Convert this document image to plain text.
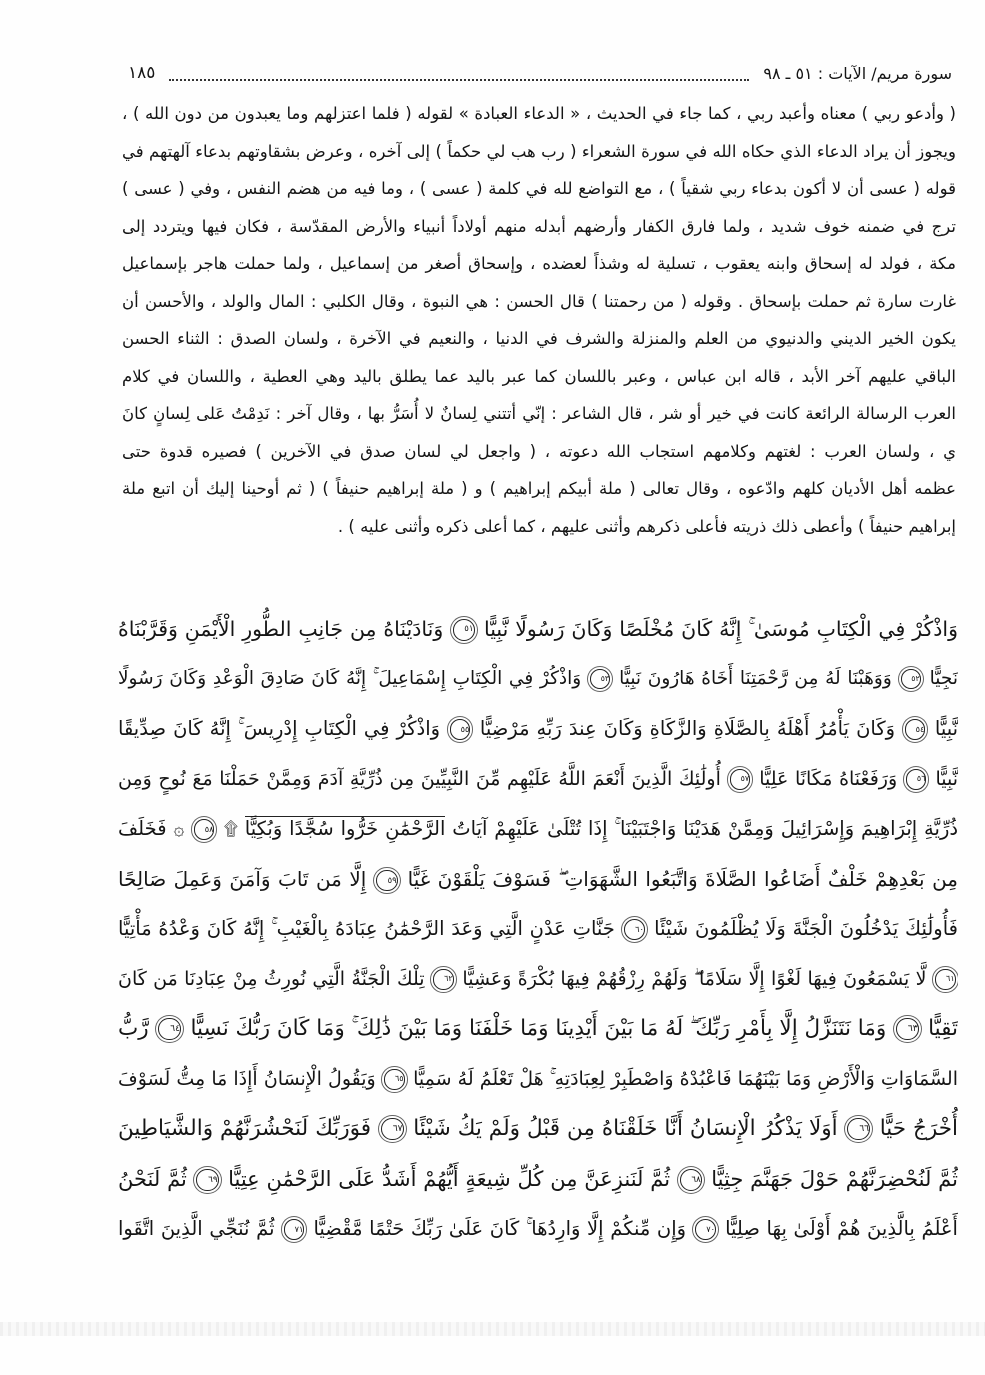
سورة مريم/ الآيات : ٥١ ـ ٩٨
١٨٥
( وأدعو ربي ) معناه وأعبد ربي ، كما جاء في الحديث ، « الدعاء العبادة » لقوله ( فلما اعتزلهم وما يعبدون من دون الله ) ،
ويجوز أن يراد الدعاء الذي حكاه الله في سورة الشعراء ( رب هب لي حكماً ) إلى آخره ، وعرض بشقاوتهم بدعاء آلهتهم في
قوله ( عسى أن لا أكون بدعاء ربي شقياً ) ، مع التواضع لله في كلمة ( عسى ) ، وما فيه من هضم النفس ، وفي ( عسى )
ترج في ضمنه خوف شديد ، ولما فارق الكفار وأرضهم أبدله منهم أولاداً أنبياء والأرض المقدّسة ، فكان فيها ويتردد إلى
مكة ، فولد له إسحاق وابنه يعقوب ، تسلية له وشذاً لعضده ، وإسحاق أصغر من إسماعيل ، ولما حملت هاجر بإسماعيل
غارت سارة ثم حملت بإسحاق . وقوله ( من رحمتنا ) قال الحسن : هي النبوة ، وقال الكلبي : المال والولد ، والأحسن أن
يكون الخير الديني والدنيوي من العلم والمنزلة والشرف في الدنيا ، والنعيم في الآخرة ، ولسان الصدق : الثناء الحسن
الباقي عليهم آخر الأبد ، قاله ابن عباس ، وعبر باللسان كما عبر باليد عما يطلق باليد وهي العطية ، واللسان في كلام
العرب الرسالة الرائعة كانت في خير أو شر ، قال الشاعر : إنّي أتتني لِسانٌ لا أُسَرُّ بها ، وقال آخر : نَدِمْتُ عَلى لِسانٍ كانَ
ي ، ولسان العرب : لغتهم وكلامهم استجاب الله دعوته ، ( واجعل لي لسان صدق في الآخرين ) فصيره قدوة حتى
عظمه أهل الأديان كلهم وادّعوه ، وقال تعالى ( ملة أبيكم إبراهيم ) و ( ملة إبراهيم حنيفاً ) ( ثم أوحينا إليك أن اتبع ملة
إبراهيم حنيفاً ) وأعطى ذلك ذريته فأعلى ذكرهم وأثنى عليهم ، كما أعلى ذكره وأثنى عليه ) .
وَاذْكُرْ فِي الْكِتَابِ مُوسَىٰ ۚ إِنَّهُ كَانَ مُخْلَصًا وَكَانَ رَسُولًا نَّبِيًّا ٥١ وَنَادَيْنَاهُ مِن جَانِبِ الطُّورِ الْأَيْمَنِ وَقَرَّبْنَاهُ
نَجِيًّا ٥٢ وَوَهَبْنَا لَهُ مِن رَّحْمَتِنَا أَخَاهُ هَارُونَ نَبِيًّا ٥٣ وَاذْكُرْ فِي الْكِتَابِ إِسْمَاعِيلَ ۚ إِنَّهُ كَانَ صَادِقَ الْوَعْدِ وَكَانَ رَسُولًا
نَّبِيًّا ٥٤ وَكَانَ يَأْمُرُ أَهْلَهُ بِالصَّلَاةِ وَالزَّكَاةِ وَكَانَ عِندَ رَبِّهِ مَرْضِيًّا ٥٥ وَاذْكُرْ فِي الْكِتَابِ إِدْرِيسَ ۚ إِنَّهُ كَانَ صِدِّيقًا
نَّبِيًّا ٥٦ وَرَفَعْنَاهُ مَكَانًا عَلِيًّا ٥٧ أُولَٰئِكَ الَّذِينَ أَنْعَمَ اللَّهُ عَلَيْهِم مِّنَ النَّبِيِّينَ مِن ذُرِّيَّةِ آدَمَ وَمِمَّنْ حَمَلْنَا مَعَ نُوحٍ وَمِن
ذُرِّيَّةِ إِبْرَاهِيمَ وَإِسْرَائِيلَ وَمِمَّنْ هَدَيْنَا وَاجْتَبَيْنَا ۚ إِذَا تُتْلَىٰ عَلَيْهِمْ آيَاتُ الرَّحْمَٰنِ خَرُّوا سُجَّدًا وَبُكِيًّا ۩ ٥٨ ۞ فَخَلَفَ
مِن بَعْدِهِمْ خَلْفٌ أَضَاعُوا الصَّلَاةَ وَاتَّبَعُوا الشَّهَوَاتِ ۖ فَسَوْفَ يَلْقَوْنَ غَيًّا ٥٩ إِلَّا مَن تَابَ وَآمَنَ وَعَمِلَ صَالِحًا
فَأُولَٰئِكَ يَدْخُلُونَ الْجَنَّةَ وَلَا يُظْلَمُونَ شَيْئًا ٦٠ جَنَّاتِ عَدْنٍ الَّتِي وَعَدَ الرَّحْمَٰنُ عِبَادَهُ بِالْغَيْبِ ۚ إِنَّهُ كَانَ وَعْدُهُ مَأْتِيًّا
٦١ لَّا يَسْمَعُونَ فِيهَا لَغْوًا إِلَّا سَلَامًا ۖ وَلَهُمْ رِزْقُهُمْ فِيهَا بُكْرَةً وَعَشِيًّا ٦٢ تِلْكَ الْجَنَّةُ الَّتِي نُورِثُ مِنْ عِبَادِنَا مَن كَانَ
تَقِيًّا ٦٣ وَمَا نَتَنَزَّلُ إِلَّا بِأَمْرِ رَبِّكَ ۖ لَهُ مَا بَيْنَ أَيْدِينَا وَمَا خَلْفَنَا وَمَا بَيْنَ ذَٰلِكَ ۚ وَمَا كَانَ رَبُّكَ نَسِيًّا ٦٤ رَّبُّ
السَّمَاوَاتِ وَالْأَرْضِ وَمَا بَيْنَهُمَا فَاعْبُدْهُ وَاصْطَبِرْ لِعِبَادَتِهِ ۚ هَلْ تَعْلَمُ لَهُ سَمِيًّا ٦٥ وَيَقُولُ الْإِنسَانُ أَإِذَا مَا مِتُّ لَسَوْفَ
أُخْرَجُ حَيًّا ٦٦ أَوَلَا يَذْكُرُ الْإِنسَانُ أَنَّا خَلَقْنَاهُ مِن قَبْلُ وَلَمْ يَكُ شَيْئًا ٦٧ فَوَرَبِّكَ لَنَحْشُرَنَّهُمْ وَالشَّيَاطِينَ
ثُمَّ لَنُحْضِرَنَّهُمْ حَوْلَ جَهَنَّمَ جِثِيًّا ٦٨ ثُمَّ لَنَنزِعَنَّ مِن كُلِّ شِيعَةٍ أَيُّهُمْ أَشَدُّ عَلَى الرَّحْمَٰنِ عِتِيًّا ٦٩ ثُمَّ لَنَحْنُ
أَعْلَمُ بِالَّذِينَ هُمْ أَوْلَىٰ بِهَا صِلِيًّا ٧٠ وَإِن مِّنكُمْ إِلَّا وَارِدُهَا ۚ كَانَ عَلَىٰ رَبِّكَ حَتْمًا مَّقْضِيًّا ٧١ ثُمَّ نُنَجِّي الَّذِينَ اتَّقَوا
